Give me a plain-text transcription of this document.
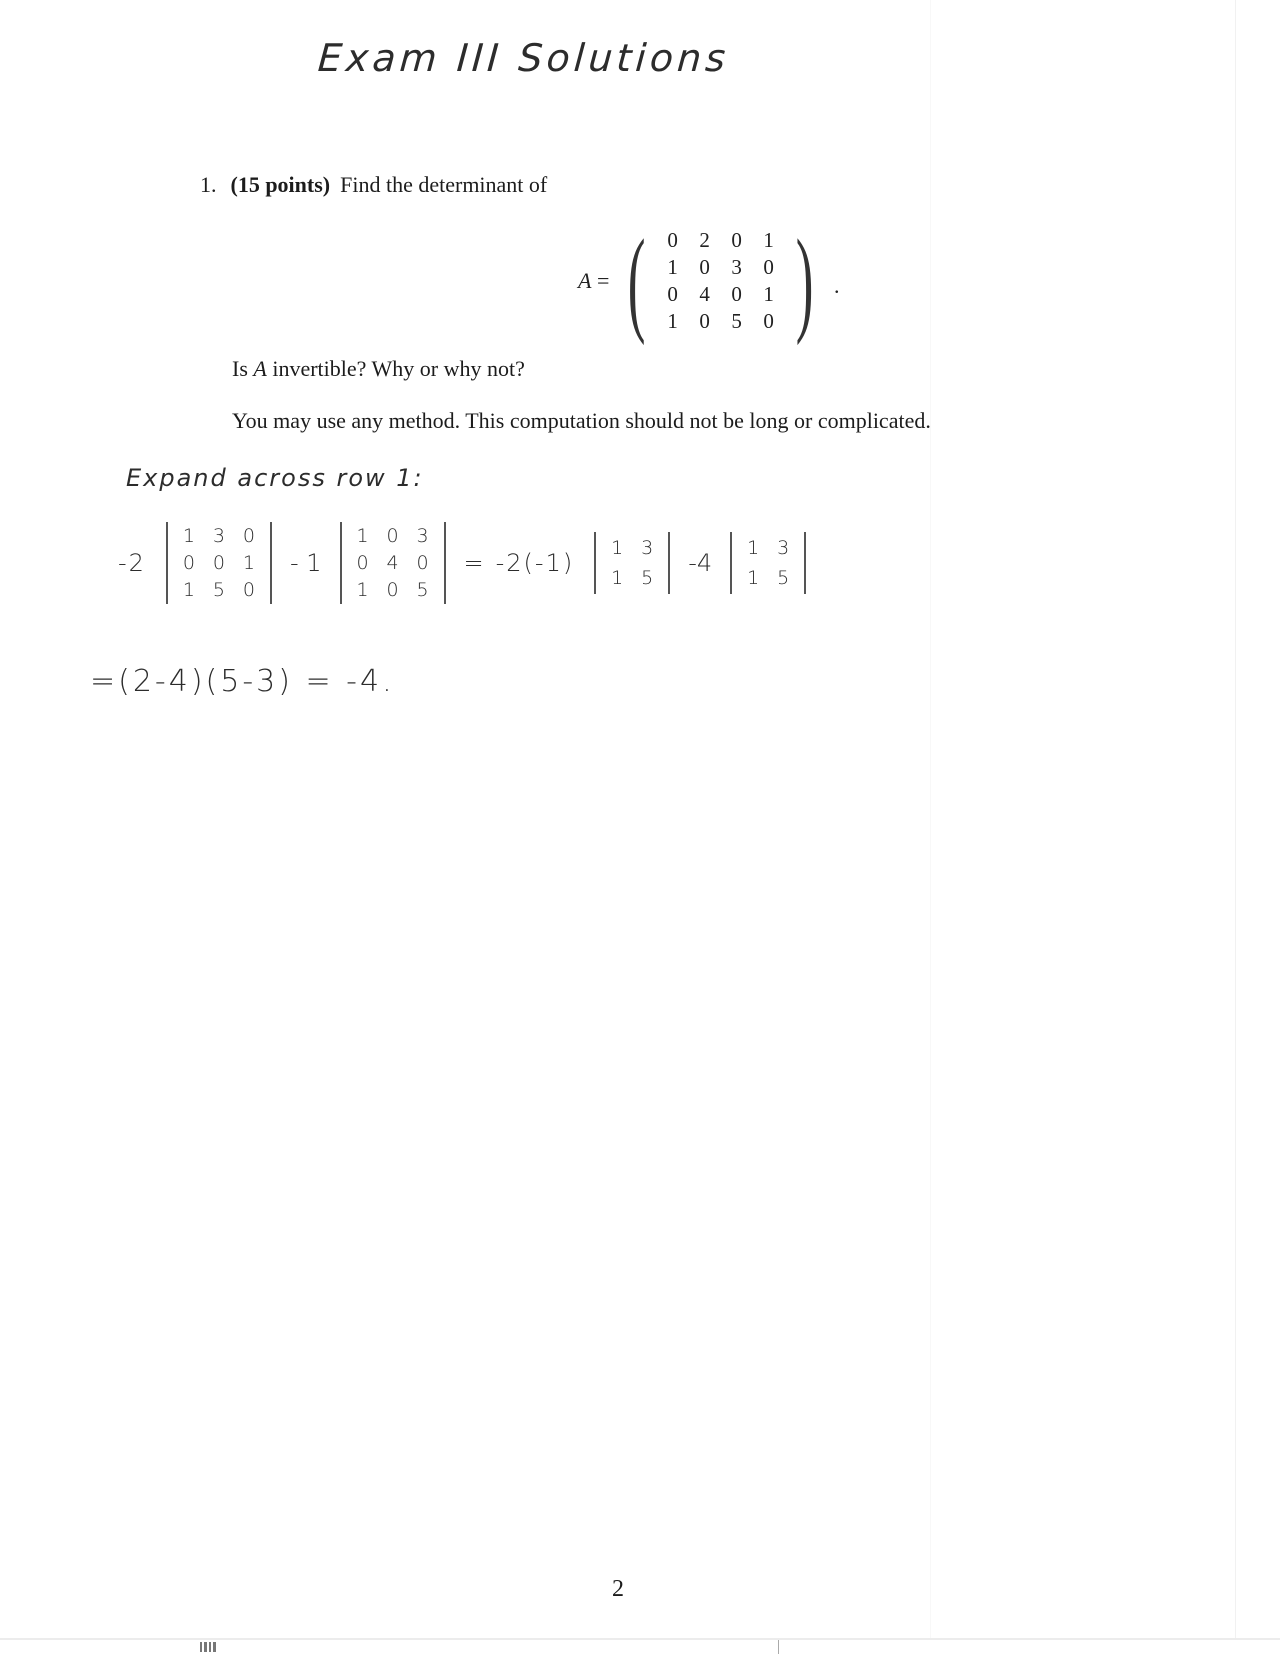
Exam III Solutions
1. (15 points) Find the determinant of
A = (	0	2	0	1
1	0	3	0
0	4	0	1
1	0	5	0 ) .
Is A invertible? Why or why not?
You may use any method. This computation should not be long or complicated.
Expand across row 1:
-2
1 3 0
0 0 1
1 5 0
- 1
1 0 3
0 4 0
1 0 5
= -2(-1)
1 3
1 5
-4
1 3
1 5
=(2-4)(5-3) = -4.
2
